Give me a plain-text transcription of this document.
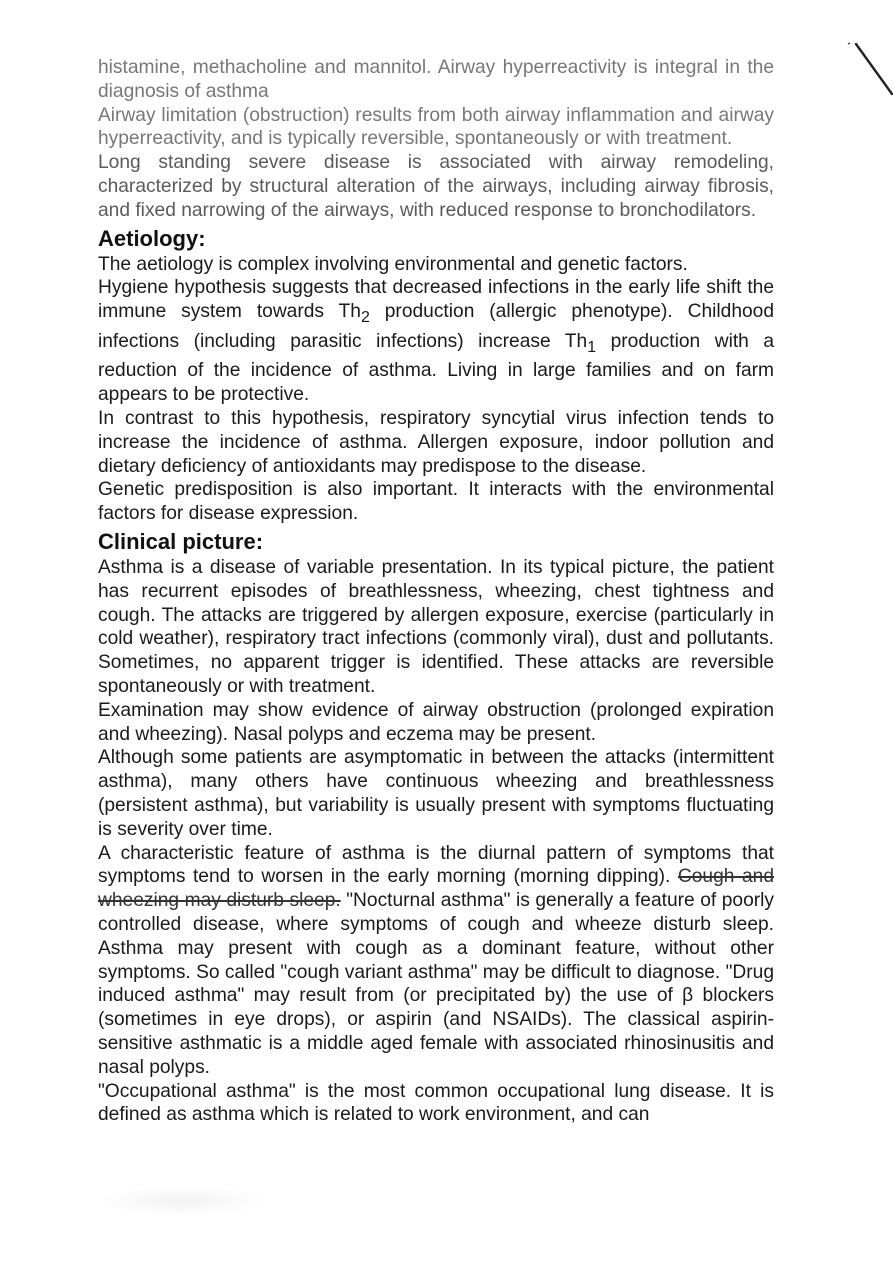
histamine, methacholine and mannitol. Airway hyperreactivity is integral in the diagnosis of asthma

Airway limitation (obstruction) results from both airway inflammation and airway hyperreactivity, and is typically reversible, spontaneously or with treatment.

Long standing severe disease is associated with airway remodeling, characterized by structural alteration of the airways, including airway fibrosis, and fixed narrowing of the airways, with reduced response to bronchodilators.

Aetiology:

The aetiology is complex involving environmental and genetic factors.

Hygiene hypothesis suggests that decreased infections in the early life shift the immune system towards $Th_2$ production (allergic phenotype). Childhood infections (including parasitic infections) increase $Th_1$ production with a reduction of the incidence of asthma. Living in large families and on farm appears to be protective.

In contrast to this hypothesis, respiratory syncytial virus infection tends to increase the incidence of asthma. Allergen exposure, indoor pollution and dietary deficiency of antioxidants may predispose to the disease.

Genetic predisposition is also important. It interacts with the environmental factors for disease expression.

Clinical picture:

Asthma is a disease of variable presentation. In its typical picture, the patient has recurrent episodes of breathlessness, wheezing, chest tightness and cough. The attacks are triggered by allergen exposure, exercise (particularly in cold weather), respiratory tract infections (commonly viral), dust and pollutants. Sometimes, no apparent trigger is identified. These attacks are reversible spontaneously or with treatment.

Examination may show evidence of airway obstruction (prolonged expiration and wheezing). Nasal polyps and eczema may be present.

Although some patients are asymptomatic in between the attacks (intermittent asthma), many others have continuous wheezing and breathlessness (persistent asthma), but variability is usually present with symptoms fluctuating is severity over time.

A characteristic feature of asthma is the diurnal pattern of symptoms that symptoms tend to worsen in the early morning (morning dipping). Cough and wheezing may disturb sleep. "Nocturnal asthma" is generally a feature of poorly controlled disease, where symptoms of cough and wheeze disturb sleep. Asthma may present with cough as a dominant feature, without other symptoms. So called "cough variant asthma" may be difficult to diagnose. "Drug induced asthma" may result from (or precipitated by) the use of β blockers (sometimes in eye drops), or aspirin (and NSAIDs). The classical aspirin-sensitive asthmatic is a middle aged female with associated rhinosinusitis and nasal polyps.

"Occupational asthma" is the most common occupational lung disease. It is defined as asthma which is related to work environment, and can
